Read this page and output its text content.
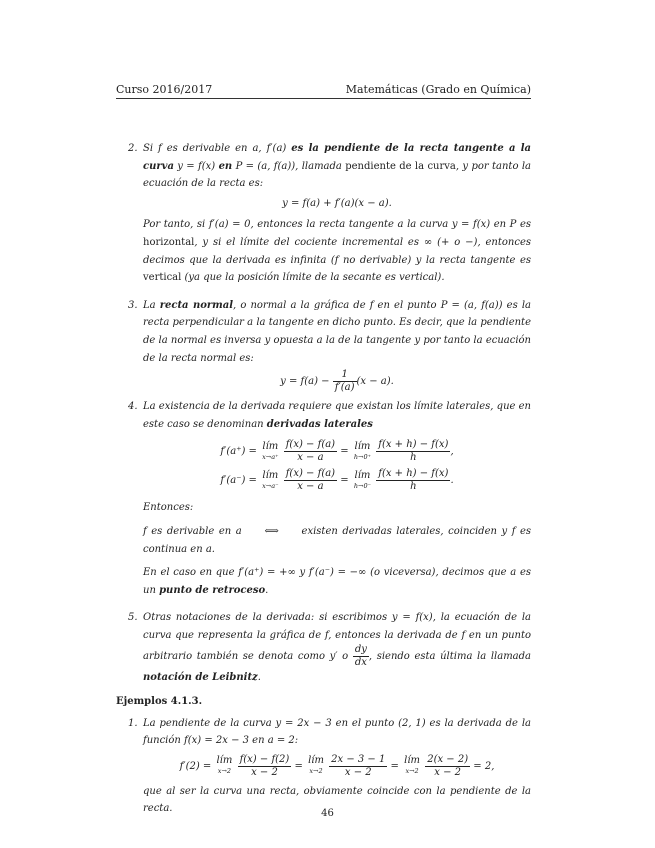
Curso 2016/2017	Matemáticas (Grado en Química)
2. Si f es derivable en a, f′(a) es la pendiente de la recta tangente a la curva y = f(x) en P = (a, f(a)), llamada pendiente de la curva, y por tanto la ecuación de la recta es:

y = f(a) + f′(a)(x − a).

Por tanto, si f′(a) = 0, entonces la recta tangente a la curva y = f(x) en P es horizontal, y si el límite del cociente incremental es ∞ (+ o −), entonces decimos que la derivada es infinita (f no derivable) y la recta tangente es vertical (ya que la posición límite de la secante es vertical).

3. La recta normal, o normal a la gráfica de f en el punto P = (a, f(a)) es la recta perpendicular a la tangente en dicho punto. Es decir, que la pendiente de la normal es inversa y opuesta a la de la tangente y por tanto la ecuación de la recta normal es:

$y = f(a) - \frac{1}{f'(a)} (x - a)$.
4. La existencia de la derivada requiere que existan los límite laterales, que en este caso se denominan derivadas laterales

f′(a⁺) = lím
x→a⁺
$\frac{f(x) - f(a)}{x - a}$ = lím
h→0⁺
$\frac{f(x + h) - f(x)}{h}$ ,
f′(a⁻) = lím
x→a⁻
$\frac{f(x) - f(a)}{x - a}$ = lím
h→0⁻
$\frac{f(x + h) - f(x)}{h}$ .

Entonces:

f es derivable en a ⟺ existen derivadas laterales, coinciden y f es continua en a.

En el caso en que f′(a⁺) = +∞ y f′(a⁻) = −∞ (o viceversa), decimos que a es un punto de retroceso.

5. Otras notaciones de la derivada: si escribimos y = f(x), la ecuación de la curva que representa la gráfica de f, entonces la derivada de f en un punto arbitrario también se denota como y′ o $\frac{dy}{dx}$ , siendo esta última la llamada notación de Leibnitz.

Ejemplos 4.1.3.
1. La pendiente de la curva y = 2x − 3 en el punto (2, 1) es la derivada de la función f(x) = 2x − 3 en a = 2:

f′(2) = lím
x→2
$\frac{f(x) - f(2)}{x - 2}$ = lím
x→2
$\frac{2x - 3 - 1}{x - 2}$ = lím
x→2
$\frac{2(x - 2)}{x - 2} = 2$,

que al ser la curva una recta, obviamente coincide con la pendiente de la recta.	46
